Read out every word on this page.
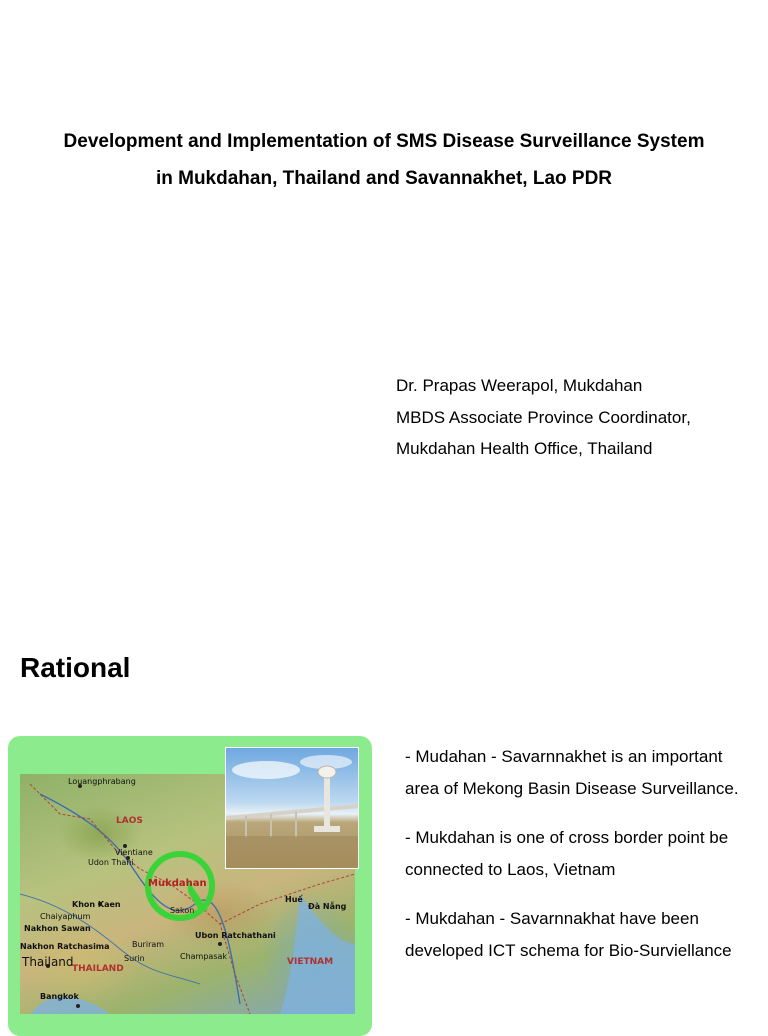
Development and Implementation of SMS Disease Surveillance System
in Mukdahan, Thailand and Savannakhet, Lao PDR
Dr. Prapas Weerapol, Mukdahan
MBDS Associate Province Coordinator,
Mukdahan Health Office, Thailand
Rational
Louangphrabang
LAOS
Vientiane
Udon Thani
Sakon
Khon Kaen
Chaiyaphum
Nakhon Sawan
Nakhon Ratchasima	Buriram
Surin	Champasak
Thailand
THAILAND
Bangkok
Ubon Ratchathani
VIETNAM
Huế
Đà Nẵng
Mukdahan
- Mudahan - Savarnnakhet is an important area of Mekong Basin Disease Surveillance.
- Mukdahan is one of cross border point be connected to Laos, Vietnam
- Mukdahan - Savarnnakhat have been developed ICT schema for Bio-Surviellance
